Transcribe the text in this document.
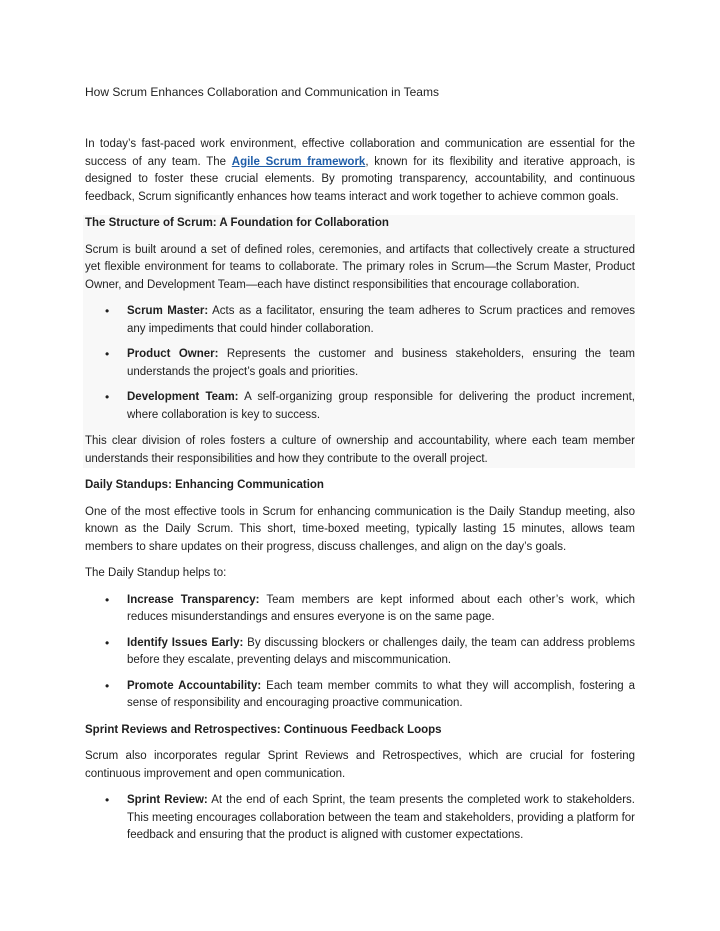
How Scrum Enhances Collaboration and Communication in Teams

In today’s fast-paced work environment, effective collaboration and communication are essential for the success of any team. The Agile Scrum framework, known for its flexibility and iterative approach, is designed to foster these crucial elements. By promoting transparency, accountability, and continuous feedback, Scrum significantly enhances how teams interact and work together to achieve common goals.

The Structure of Scrum: A Foundation for Collaboration

Scrum is built around a set of defined roles, ceremonies, and artifacts that collectively create a structured yet flexible environment for teams to collaborate. The primary roles in Scrum—the Scrum Master, Product Owner, and Development Team—each have distinct responsibilities that encourage collaboration.

• Scrum Master: Acts as a facilitator, ensuring the team adheres to Scrum practices and removes any impediments that could hinder collaboration.
• Product Owner: Represents the customer and business stakeholders, ensuring the team understands the project’s goals and priorities.
• Development Team: A self-organizing group responsible for delivering the product increment, where collaboration is key to success.

This clear division of roles fosters a culture of ownership and accountability, where each team member understands their responsibilities and how they contribute to the overall project.

Daily Standups: Enhancing Communication

One of the most effective tools in Scrum for enhancing communication is the Daily Standup meeting, also known as the Daily Scrum. This short, time-boxed meeting, typically lasting 15 minutes, allows team members to share updates on their progress, discuss challenges, and align on the day’s goals.

The Daily Standup helps to:

• Increase Transparency: Team members are kept informed about each other’s work, which reduces misunderstandings and ensures everyone is on the same page.
• Identify Issues Early: By discussing blockers or challenges daily, the team can address problems before they escalate, preventing delays and miscommunication.
• Promote Accountability: Each team member commits to what they will accomplish, fostering a sense of responsibility and encouraging proactive communication.
Sprint Reviews and Retrospectives: Continuous Feedback Loops

Scrum also incorporates regular Sprint Reviews and Retrospectives, which are crucial for fostering continuous improvement and open communication.

• Sprint Review: At the end of each Sprint, the team presents the completed work to stakeholders. This meeting encourages collaboration between the team and stakeholders, providing a platform for feedback and ensuring that the product is aligned with customer expectations.
